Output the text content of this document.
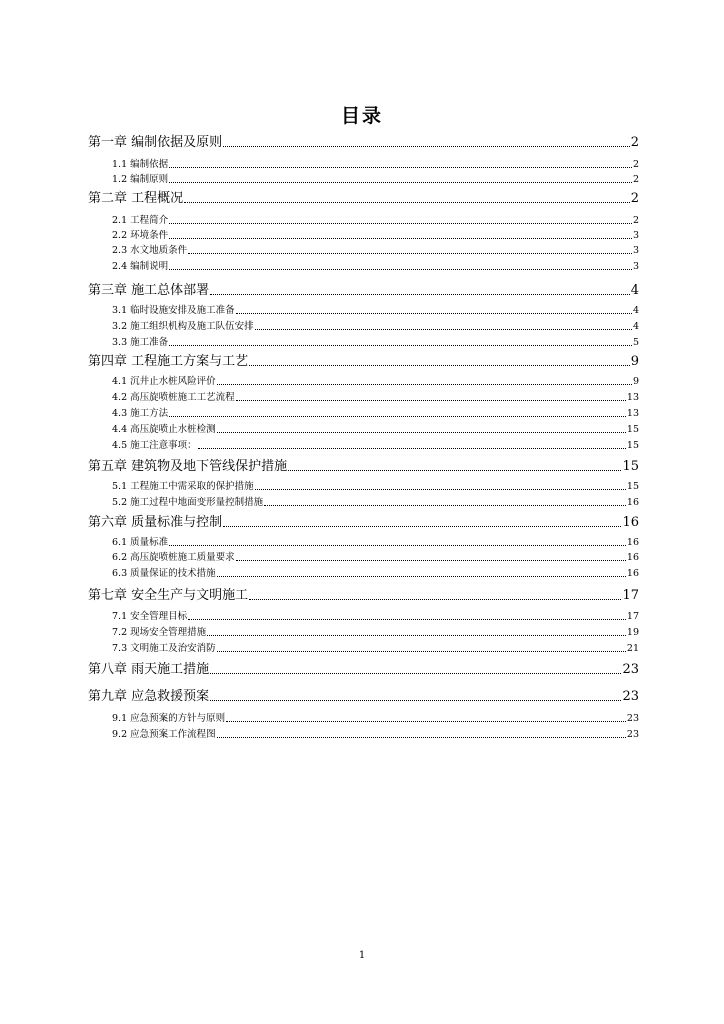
目录
第一章 编制依据及原则	2
1.1 编制依据	2
1.2 编制原则	2
第二章 工程概况	2
2.1 工程简介	2
2.2 环境条件	3
2.3 水文地质条件	3
2.4 编制说明	3
第三章 施工总体部署	4
3.1 临时设施安排及施工准备	4
3.2 施工组织机构及施工队伍安排	4
3.3 施工准备	5
第四章 工程施工方案与工艺	9
4.1 沉井止水桩风险评价	9
4.2 高压旋喷桩施工工艺流程	13
4.3 施工方法	13
4.4 高压旋喷止水桩检测	15
4.5 施工注意事项：	15
第五章 建筑物及地下管线保护措施	15
5.1 工程施工中需采取的保护措施	15
5.2 施工过程中地面变形量控制措施	16
第六章 质量标准与控制	16
6.1 质量标准	16
6.2 高压旋喷桩施工质量要求	16
6.3 质量保证的技术措施	16
第七章 安全生产与文明施工	17
7.1 安全管理目标	17
7.2 现场安全管理措施	19
7.3 文明施工及治安消防	21
第八章 雨天施工措施	23
第九章 应急救援预案	23
9.1 应急预案的方针与原则	23
9.2 应急预案工作流程图	23
1
